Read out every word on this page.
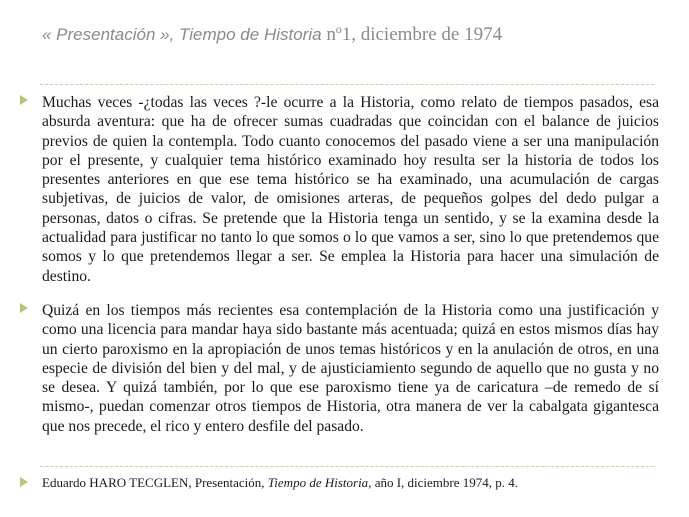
« Presentación », Tiempo de Historia nº1, diciembre de 1974

Muchas veces -¿todas las veces ?-le ocurre a la Historia, como relato de tiempos pasados, esa absurda aventura: que ha de ofrecer sumas cuadradas que coincidan con el balance de juicios previos de quien la contempla. Todo cuanto conocemos del pasado viene a ser una manipulación por el presente, y cualquier tema histórico examinado hoy resulta ser la historia de todos los presentes anteriores en que ese tema histórico se ha examinado, una acumulación de cargas subjetivas, de juicios de valor, de omisiones arteras, de pequeños golpes del dedo pulgar a personas, datos o cifras. Se pretende que la Historia tenga un sentido, y se la examina desde la actualidad para justificar no tanto lo que somos o lo que vamos a ser, sino lo que pretendemos que somos y lo que pretendemos llegar a ser. Se emplea la Historia para hacer una simulación de destino.

Quizá en los tiempos más recientes esa contemplación de la Historia como una justificación y como una licencia para mandar haya sido bastante más acentuada; quizá en estos mismos días hay un cierto paroxismo en la apropiación de unos temas históricos y en la anulación de otros, en una especie de división del bien y del mal, y de ajusticiamiento segundo de aquello que no gusta y no se desea. Y quizá también, por lo que ese paroxismo tiene ya de caricatura –de remedo de sí mismo-, puedan comenzar otros tiempos de Historia, otra manera de ver la cabalgata gigantesca que nos precede, el rico y entero desfile del pasado.

Eduardo HARO TECGLEN, Presentación, Tiempo de Historia, año I, diciembre 1974, p. 4.
